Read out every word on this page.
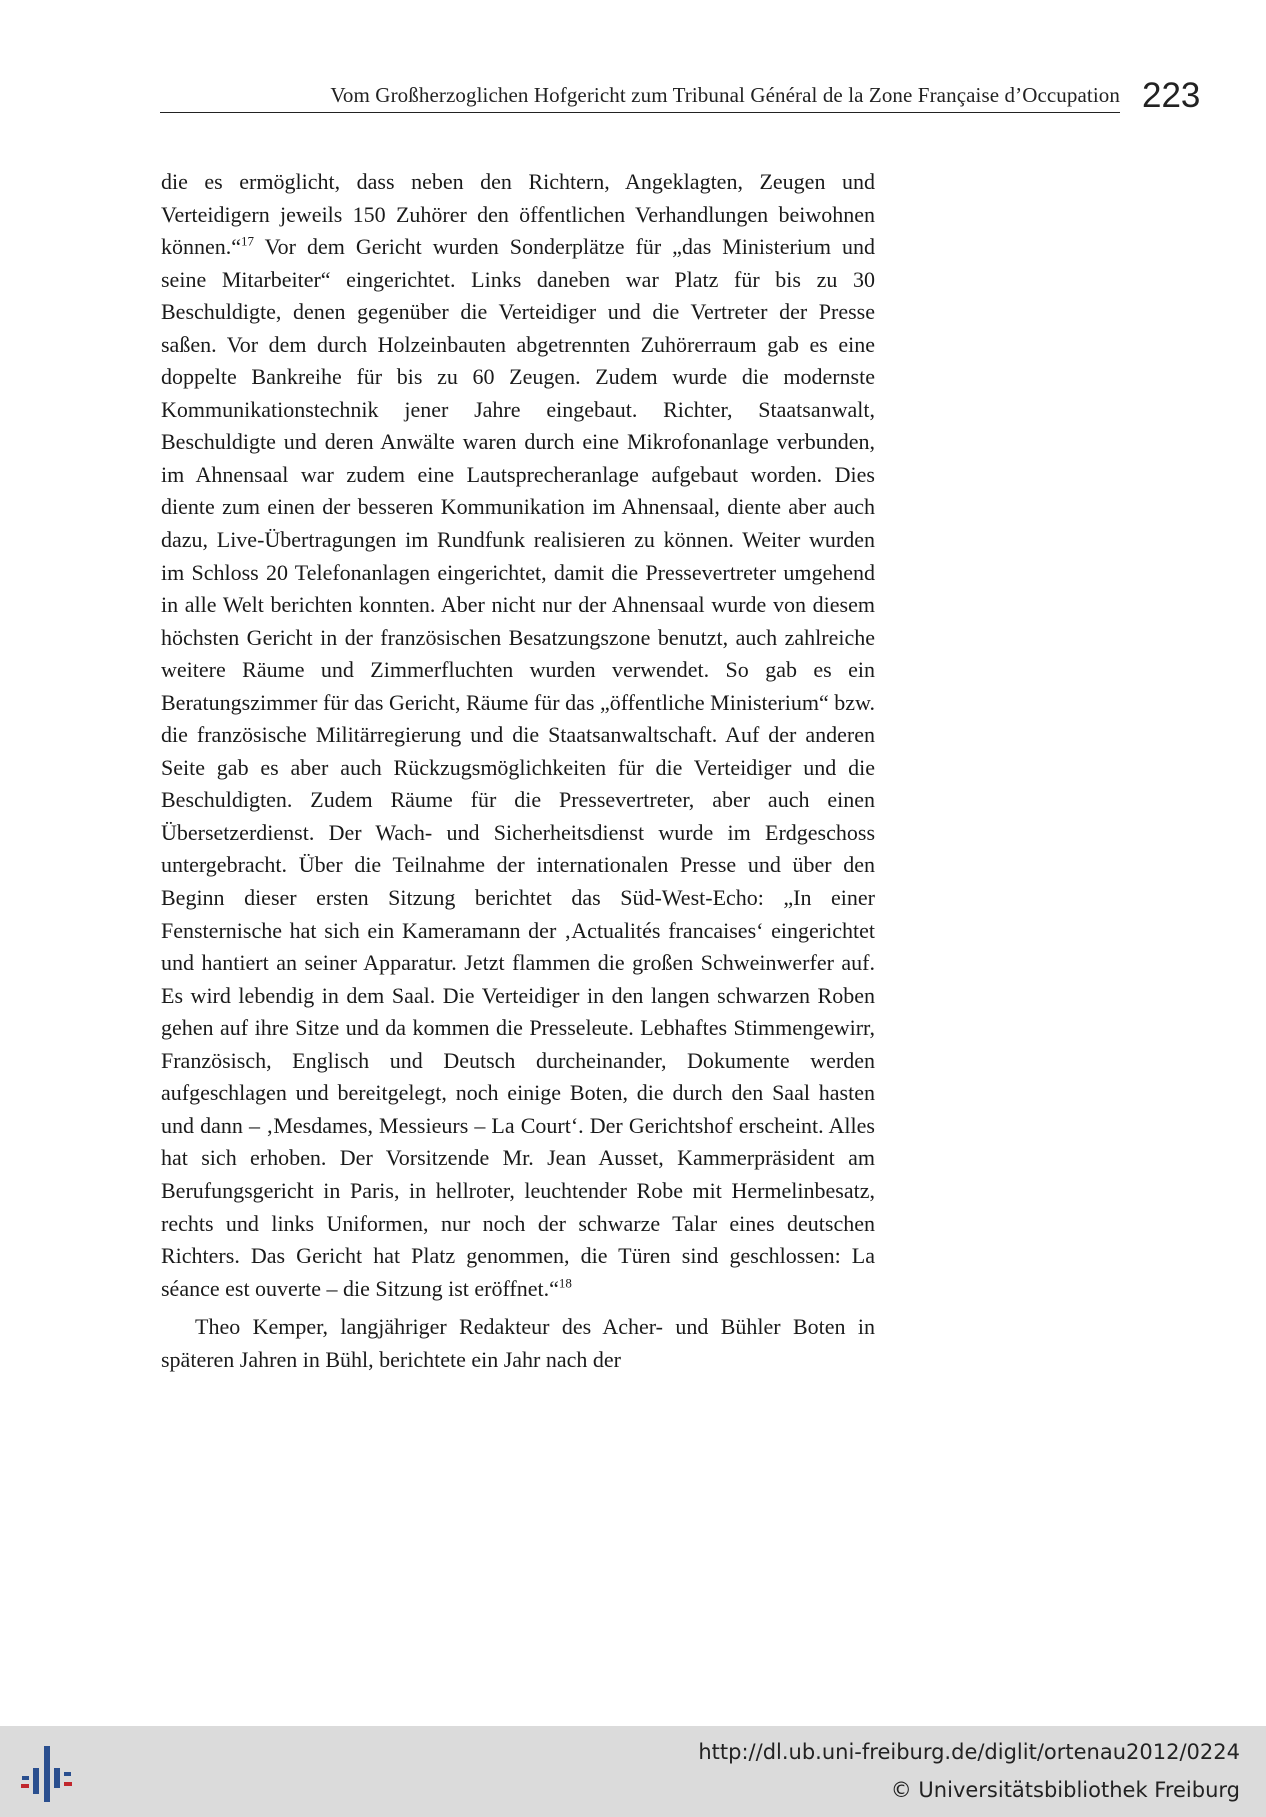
Vom Großherzoglichen Hofgericht zum Tribunal Général de la Zone Française d’Occupation 223

die es ermöglicht, dass neben den Richtern, Angeklagten, Zeugen und Verteidigern jeweils 150 Zuhörer den öffentlichen Verhandlungen beiwohnen können.“$^{17}$ Vor dem Gericht wurden Sonderplätze für „das Ministerium und seine Mitarbeiter“ eingerichtet. Links daneben war Platz für bis zu 30 Beschuldigte, denen gegenüber die Verteidiger und die Vertreter der Presse saßen. Vor dem durch Holzeinbauten abgetrennten Zuhörerraum gab es eine doppelte Bankreihe für bis zu 60 Zeugen. Zudem wurde die modernste Kommunikationstechnik jener Jahre eingebaut. Richter, Staatsanwalt, Beschuldigte und deren Anwälte waren durch eine Mikrofonanlage verbunden, im Ahnensaal war zudem eine Lautsprecheranlage aufgebaut worden. Dies diente zum einen der besseren Kommunikation im Ahnensaal, diente aber auch dazu, Live-Übertragungen im Rundfunk realisieren zu können. Weiter wurden im Schloss 20 Telefonanlagen eingerichtet, damit die Pressevertreter umgehend in alle Welt berichten konnten. Aber nicht nur der Ahnensaal wurde von diesem höchsten Gericht in der französischen Besatzungszone benutzt, auch zahlreiche weitere Räume und Zimmerfluchten wurden verwendet. So gab es ein Beratungszimmer für das Gericht, Räume für das „öffentliche Ministerium“ bzw. die französische Militärregierung und die Staatsanwaltschaft. Auf der anderen Seite gab es aber auch Rückzugsmöglichkeiten für die Verteidiger und die Beschuldigten. Zudem Räume für die Pressevertreter, aber auch einen Übersetzerdienst. Der Wach- und Sicherheitsdienst wurde im Erdgeschoss untergebracht. Über die Teilnahme der internationalen Presse und über den Beginn dieser ersten Sitzung berichtet das Süd-West-Echo: „In einer Fensternische hat sich ein Kameramann der ‚Actualités francaises‘ eingerichtet und hantiert an seiner Apparatur. Jetzt flammen die großen Schweinwerfer auf. Es wird lebendig in dem Saal. Die Verteidiger in den langen schwarzen Roben gehen auf ihre Sitze und da kommen die Presseleute. Lebhaftes Stimmengewirr, Französisch, Englisch und Deutsch durcheinander, Dokumente werden aufgeschlagen und bereitgelegt, noch einige Boten, die durch den Saal hasten und dann – ‚Mesdames, Messieurs – La Court‘. Der Gerichtshof erscheint. Alles hat sich erhoben. Der Vorsitzende Mr. Jean Ausset, Kammerpräsident am Berufungsgericht in Paris, in hellroter, leuchtender Robe mit Hermelinbesatz, rechts und links Uniformen, nur noch der schwarze Talar eines deutschen Richters. Das Gericht hat Platz genommen, die Türen sind geschlossen: La séance est ouverte – die Sitzung ist eröffnet.“$^{18}$

Theo Kemper, langjähriger Redakteur des Acher- und Bühler Boten in späteren Jahren in Bühl, berichtete ein Jahr nach der

http://dl.ub.uni-freiburg.de/diglit/ortenau2012/0224
© Universitätsbibliothek Freiburg
